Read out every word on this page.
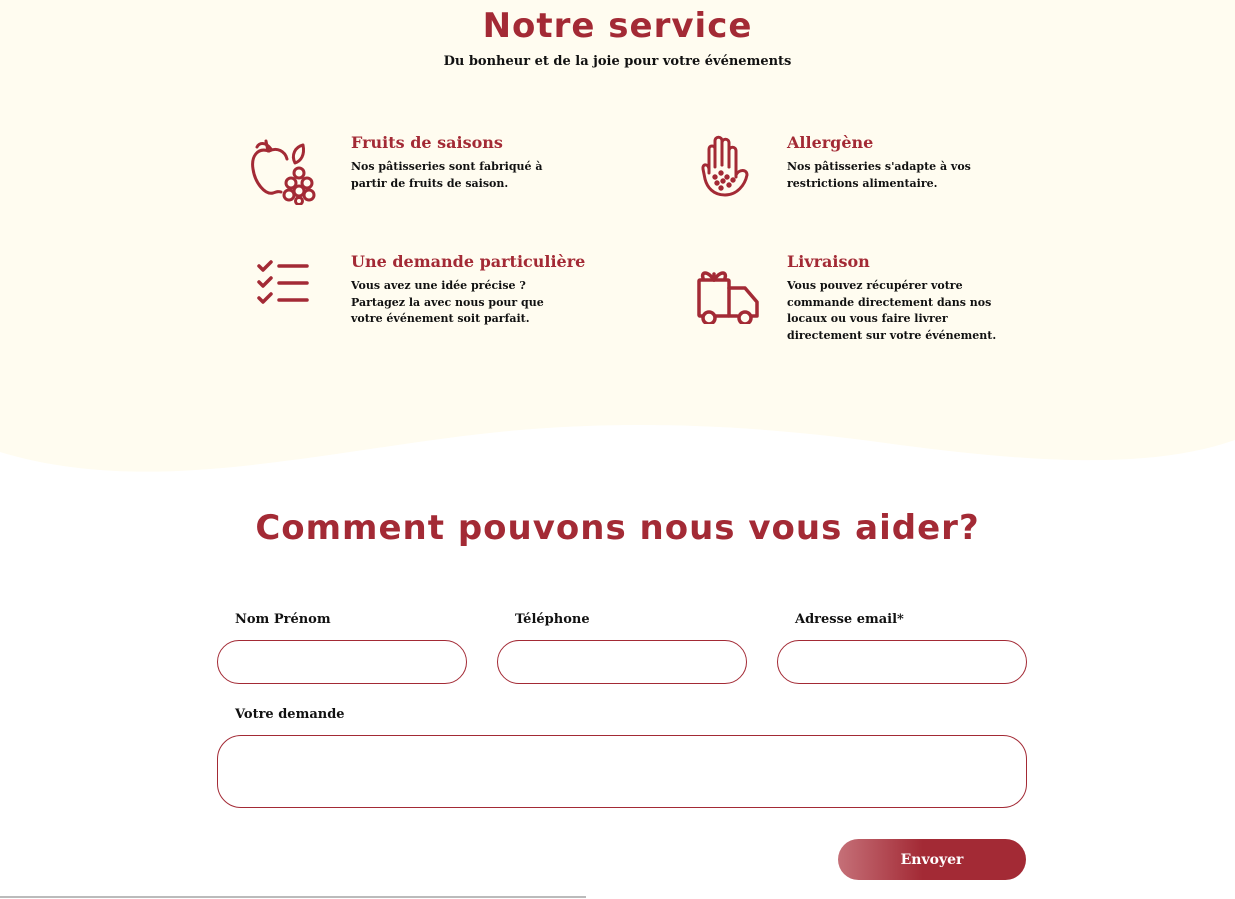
Notre service
Du bonheur et de la joie pour votre événements
Fruits de saisons
Nos pâtisseries sont fabriqué à
partir de fruits de saison.
Allergène
Nos pâtisseries s'adapte à vos
restrictions alimentaire.
Une demande particulière
Vous avez une idée précise ?
Partagez la avec nous pour que
votre événement soit parfait.
Livraison
Vous pouvez récupérer votre
commande directement dans nos
locaux ou vous faire livrer
directement sur votre événement.
Comment pouvons nous vous aider?
Nom Prénom	Téléphone	Adresse email*
Votre demande
Envoyer
